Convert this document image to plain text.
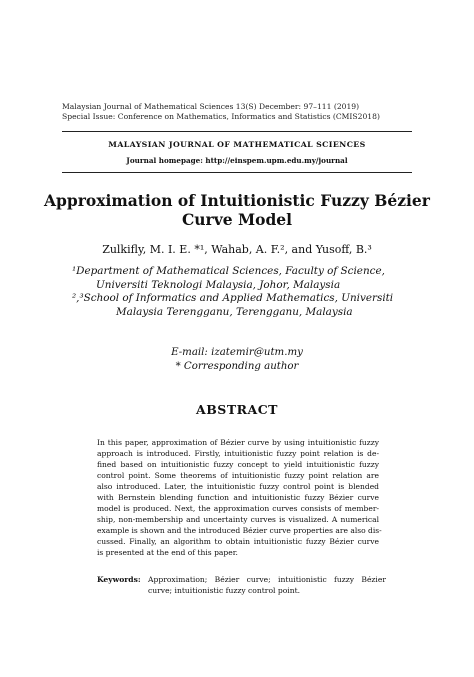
Malaysian Journal of Mathematical Sciences 13(S) December: 97–111 (2019)
Special Issue: Conference on Mathematics, Informatics and Statistics (CMIS2018)
MALAYSIAN JOURNAL OF MATHEMATICAL SCIENCES
Journal homepage: http://einspem.upm.edu.my/journal
Approximation of Intuitionistic Fuzzy Bézier
Curve Model
Zulkifly, M. I. E. *¹, Wahab, A. F.², and Yusoff, B.³
¹Department of Mathematical Sciences, Faculty of Science,
Universiti Teknologi Malaysia, Johor, Malaysia
²,³School of Informatics and Applied Mathematics, Universiti
Malaysia Terengganu, Terengganu, Malaysia
E-mail: izatemir@utm.my
* Corresponding author
ABSTRACT
In this paper, approximation of Bézier curve by using intuitionistic fuzzy
approach is introduced. Firstly, intuitionistic fuzzy point relation is de-
fined based on intuitionistic fuzzy concept to yield intuitionistic fuzzy
control point. Some theorems of intuitionistic fuzzy point relation are
also introduced. Later, the intuitionistic fuzzy control point is blended
with Bernstein blending function and intuitionistic fuzzy Bézier curve
model is produced. Next, the approximation curves consists of member-
ship, non-membership and uncertainty curves is visualized. A numerical
example is shown and the introduced Bézier curve properties are also dis-
cussed. Finally, an algorithm to obtain intuitionistic fuzzy Bézier curve
is presented at the end of this paper.
Keywords: Approximation; Bézier curve; intuitionistic fuzzy Bézier
curve; intuitionistic fuzzy control point.
